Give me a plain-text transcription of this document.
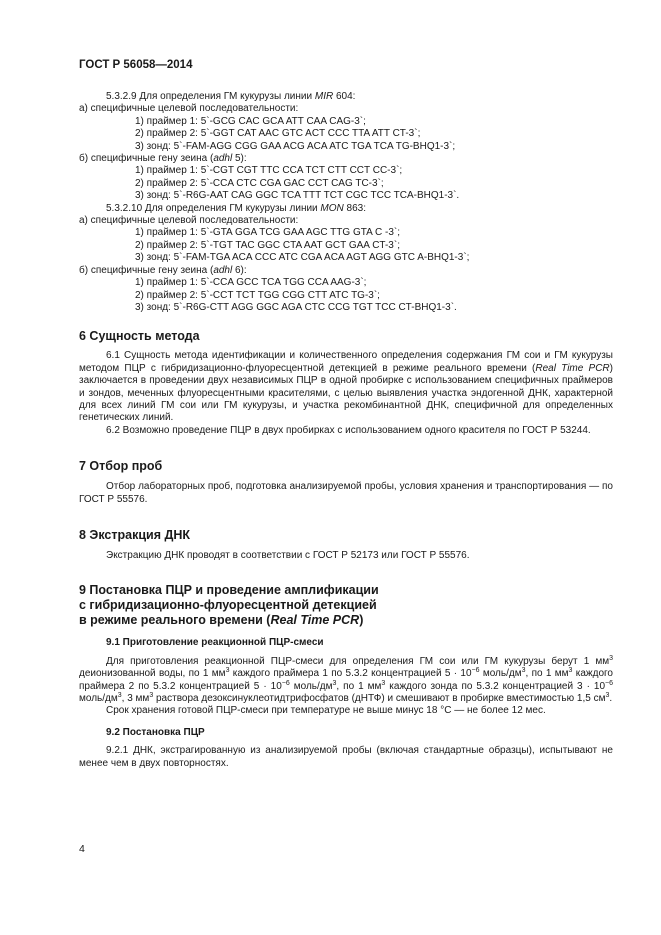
ГОСТ Р 56058—2014
5.3.2.9 Для определения ГМ кукурузы линии MIR 604:
а) специфичные целевой последовательности:
1) праймер 1: 5`-GCG CAC GCA ATT CAA CAG-3`;
2) праймер 2: 5`-GGT CAT AAC GTC ACT CCC TTA ATT CT-3`;
3) зонд: 5`-FAM-AGG CGG GAA ACG ACA ATC TGA TCA TG-BHQ1-3`;
б) специфичные гену зеина (adhl 5):
1) праймер 1: 5`-CGT CGT TTC CCA TCT CTT CCT CC-3`;
2) праймер 2: 5`-CCA CTC CGA GAC CCT CAG TC-3`;
3) зонд: 5`-R6G-AAT CAG GGC TCA TTT TCT CGC TCC TCA-BHQ1-3`.
5.3.2.10 Для определения ГМ кукурузы линии MON 863:
а) специфичные целевой последовательности:
1) праймер 1: 5`-GTA GGA TCG GAA AGC TTG GTA C -3`;
2) праймер 2: 5`-TGT TAC GGC CTA AAT GCT GAA CT-3`;
3) зонд: 5`-FAM-TGA ACA CCC ATC CGA ACA AGT AGG GTC A-BHQ1-3`;
б) специфичные гену зеина (adhl 6):
1) праймер 1: 5`-CCA GCC TCA TGG CCA AAG-3`;
2) праймер 2: 5`-CCT TCT TGG CGG CTT ATC TG-3`;
3) зонд: 5`-R6G-CTT AGG GGC AGA CTC CCG TGT TCC CT-BHQ1-3`.
6 Сущность метода

6.1 Сущность метода идентификации и количественного определения содержания ГМ сои и ГМ кукурузы методом ПЦР с гибридизационно-флуоресцентной детекцией в режиме реального времени (Real Time PCR) заключается в проведении двух независимых ПЦР в одной пробирке с использованием специфичных праймеров и зондов, меченных флуоресцентными красителями, с целью выявления участка эндогенной ДНК, характерной для всех линий ГМ сои или ГМ кукурузы, и участка рекомбинантной ДНК, специфичной для определенных генетических линий.

6.2 Возможно проведение ПЦР в двух пробирках с использованием одного красителя по ГОСТ Р 53244.

7 Отбор проб

Отбор лабораторных проб, подготовка анализируемой пробы, условия хранения и транспортирования — по ГОСТ Р 55576.

8 Экстракция ДНК

Экстракцию ДНК проводят в соответствии с ГОСТ Р 52173 или ГОСТ Р 55576.

9 Постановка ПЦР и проведение амплификации
с гибридизационно-флуоресцентной детекцией
в режиме реального времени (Real Time PCR)
9.1 Приготовление реакционной ПЦР-смеси

Для приготовления реакционной ПЦР-смеси для определения ГМ сои или ГМ кукурузы берут 1 $мм^3$ деионизованной воды, по 1 $мм^3$ каждого праймера 1 по 5.3.2 концентрацией $5 \cdot 10^{-6}$ моль/$дм^3$, по 1 $мм^3$ каждого праймера 2 по 5.3.2 концентрацией $5 \cdot 10^{-6}$ моль/$дм^3$, по 1 $мм^3$ каждого зонда по 5.3.2 концентрацией $3 \cdot 10^{-6}$ моль/$дм^3$, 3 $мм^3$ раствора дезоксинуклеотидтрифосфатов (дНТФ) и смешивают в пробирке вместимостью 1,5 $см^3$.

Срок хранения готовой ПЦР-смеси при температуре не выше минус 18 °С — не более 12 мес.

9.2 Постановка ПЦР

9.2.1 ДНК, экстрагированную из анализируемой пробы (включая стандартные образцы), испытывают не менее чем в двух повторностях.

4
